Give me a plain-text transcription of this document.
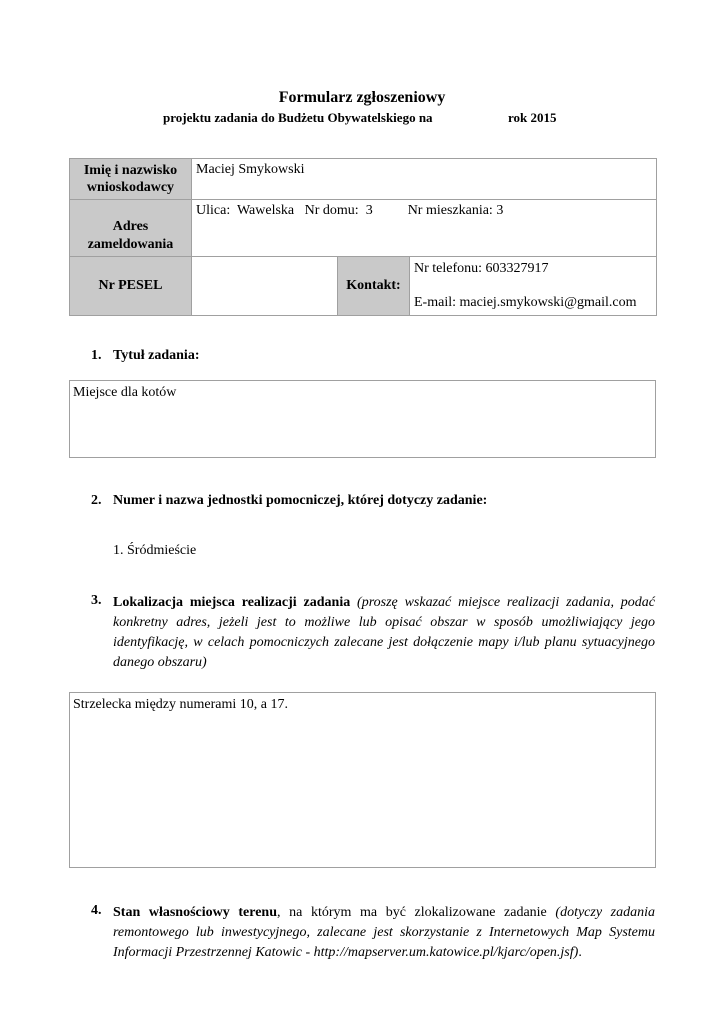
Formularz zgłoszeniowy
projektu zadania do Budżetu Obywatelskiego na	rok 2015
Imię i nazwisko wnioskodawcy	Maciej Smykowski		
Adres zameldowania	Ulica:  Wawelska   Nr domu:  3          Nr mieszkania: 3		
Nr PESEL		Kontakt:	Nr telefonu: 603327917
E-mail: maciej.smykowski@gmail.com
1. Tytuł zadania:
Miejsce dla kotów
2. Numer i nazwa jednostki pomocniczej, której dotyczy zadanie:
1. Śródmieście
3. Lokalizacja miejsca realizacji zadania (proszę wskazać miejsce realizacji zadania, podać konkretny adres, jeżeli jest to możliwe lub opisać obszar w sposób umożliwiający jego identyfikację, w celach pomocniczych zalecane jest dołączenie mapy i/lub planu sytuacyjnego danego obszaru)
Strzelecka między numerami 10, a 17.
4. Stan własnościowy terenu, na którym ma być zlokalizowane zadanie (dotyczy zadania remontowego lub inwestycyjnego, zalecane jest skorzystanie z Internetowych Map Systemu Informacji Przestrzennej Katowic - http://mapserver.um.katowice.pl/kjarc/open.jsf).
